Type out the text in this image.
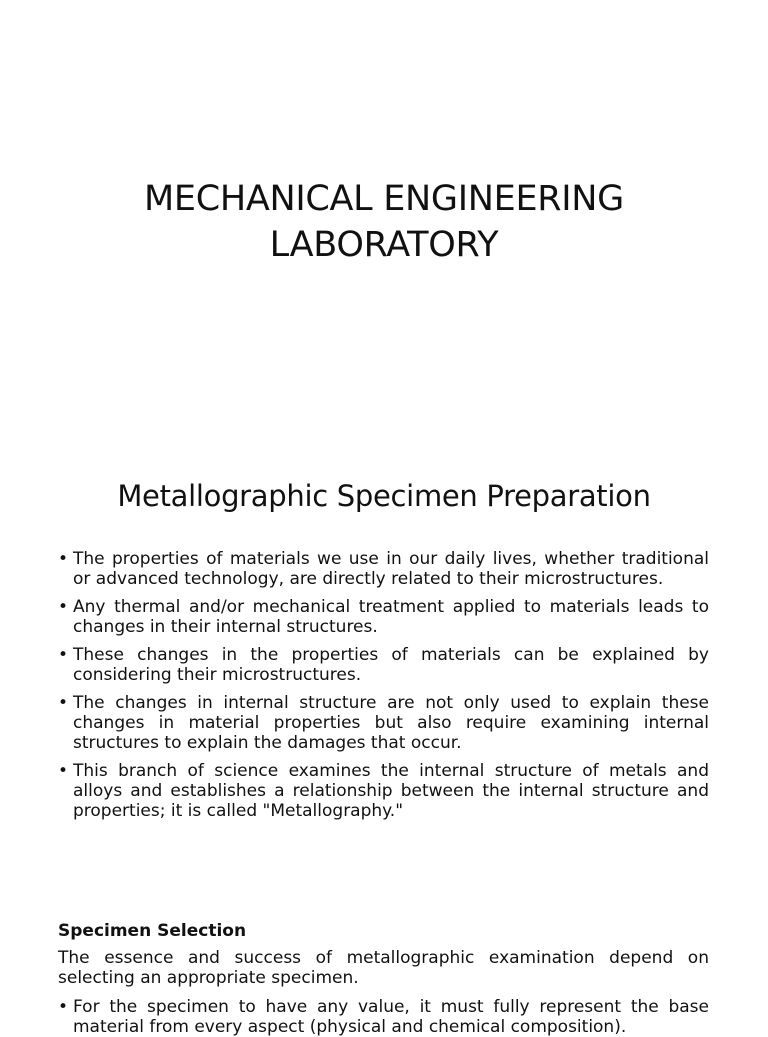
MECHANICAL ENGINEERING
LABORATORY
Metallographic Specimen Preparation
• The properties of materials we use in our daily lives, whether traditional or advanced technology, are directly related to their microstructures.
• Any thermal and/or mechanical treatment applied to materials leads to changes in their internal structures.
• These changes in the properties of materials can be explained by considering their microstructures.
• The changes in internal structure are not only used to explain these changes in material properties but also require examining internal structures to explain the damages that occur.
• This branch of science examines the internal structure of metals and alloys and establishes a relationship between the internal structure and properties; it is called "Metallography."
Specimen Selection

The essence and success of metallographic examination depend on selecting an appropriate specimen.

• For the specimen to have any value, it must fully represent the base material from every aspect (physical and chemical composition).
